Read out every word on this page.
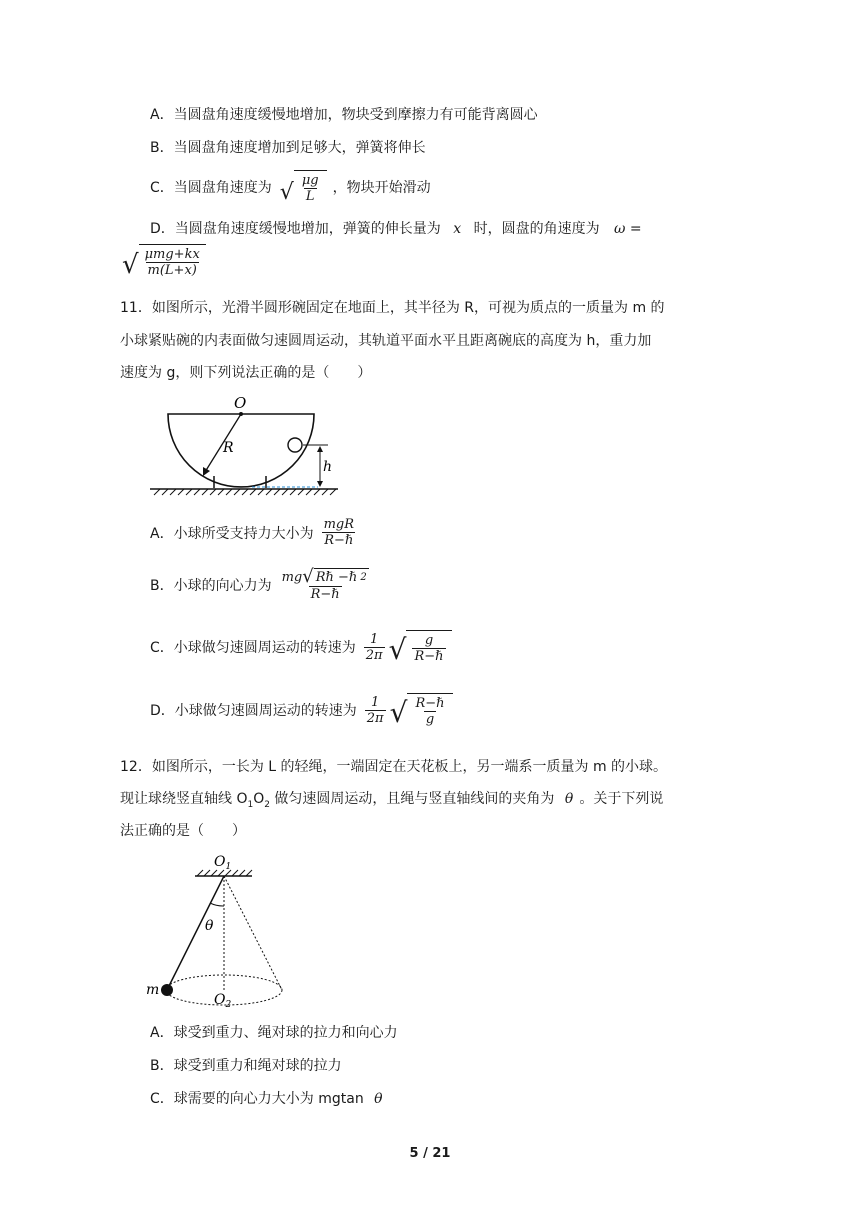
A．当圆盘角速度缓慢地增加，物块受到摩擦力有可能背离圆心
B．当圆盘角速度增加到足够大，弹簧将伸长
C．当圆盘角速度为 √ $\frac{\mu g}{L}$ ，物块开始滑动
D．当圆盘角速度缓慢地增加，弹簧的伸长量为 x 时，圆盘的角速度为 ω =
√ $\frac{\text{μmg+kx}}{m(L+x)}$
11．如图所示，光滑半圆形碗固定在地面上，其半径为 R，可视为质点的一质量为 m 的
小球紧贴碗的内表面做匀速圆周运动，其轨道平面水平且距离碗底的高度为 h，重力加
速度为 g，则下列说法正确的是（　　）
O
R
h
A．小球所受支持力大小为 $\frac{\text{mgR}}{\text{R−ℏ}}$
B．小球的向心力为 $\frac{\text{mg √ Rℏ −ℏ 2}}{\text{R−ℏ}}$
C．小球做匀速圆周运动的转速为 $\frac{1}{2\pi}$ √ $\frac{g}{\text{R−ℏ}}$
D．小球做匀速圆周运动的转速为 $\frac{1}{2\pi}$ √ $\frac{\text{R−ℏ}}{g}$
12．如图所示，一长为 L 的轻绳，一端固定在天花板上，另一端系一质量为 m 的小球。
现让球绕竖直轴线 $O_1O_2$ 做匀速圆周运动，且绳与竖直轴线间的夹角为 θ 。关于下列说
法正确的是（　　）
$O_1$
$O_2$
θ
m
A．球受到重力、绳对球的拉力和向心力
B．球受到重力和绳对球的拉力
C．球需要的向心力大小为 mgtan θ
5 / 21
